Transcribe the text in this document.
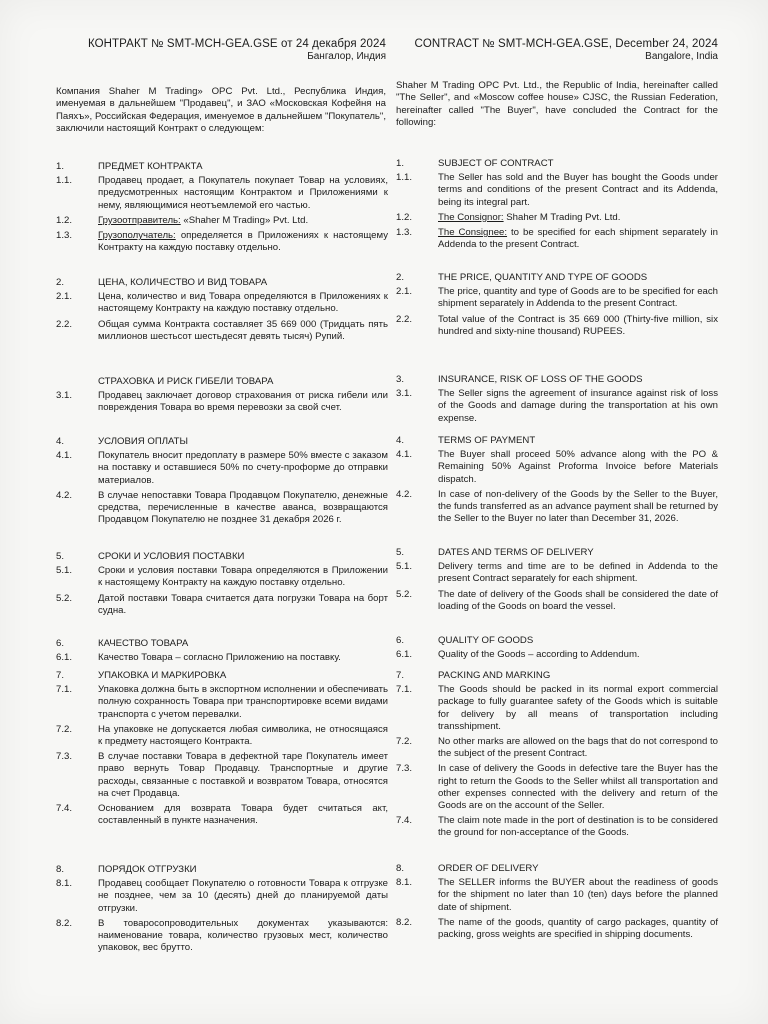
КОНТРАКТ № SMT-MCH-GEA.GSE от 24 декабря 2024
Бангалор, Индия
CONTRACT № SMT-MCH-GEA.GSE, December 24, 2024
Bangalore, India
Компания Shaher M Trading» OPC Pvt. Ltd., Республика Индия, именуемая в дальнейшем "Продавец", и ЗАО «Московская Кофейня на Паяхъ», Российская Федерация, именуемое в дальнейшем "Покупатель", заключили настоящий Контракт о следующем:
Shaher M Trading OPC Pvt. Ltd., the Republic of India, hereinafter called "The Seller", and «Moscow coffee house» CJSC, the Russian Federation, hereinafter called "The Buyer", have concluded the Contract for the following:
1.	ПРЕДМЕТ КОНТРАКТА
1.1.	Продавец продает, а Покупатель покупает Товар на условиях, предусмотренных настоящим Контрактом и Приложениями к нему, являющимися неотъемлемой его частью.
1.2.	Грузоотправитель: «Shaher M Trading» Pvt. Ltd.
1.3.	Грузополучатель: определяется в Приложениях к настоящему Контракту на каждую поставку отдельно.
2.	ЦЕНА, КОЛИЧЕСТВО И ВИД ТОВАРА
2.1.	Цена, количество и вид Товара определяются в Приложениях к настоящему Контракту на каждую поставку отдельно.
2.2.	Общая сумма Контракта составляет 35 669 000 (Тридцать пять миллионов шестьсот шестьдесят девять тысяч) Рупий.
СТРАХОВКА И РИСК ГИБЕЛИ ТОВАРА
3.1.	Продавец заключает договор страхования от риска гибели или повреждения Товара во время перевозки за свой счет.
4.	УСЛОВИЯ ОПЛАТЫ
4.1.	Покупатель вносит предоплату в размере 50% вместе с заказом на поставку и оставшиеся 50% по счету-проформе до отправки материалов.
4.2.	В случае непоставки Товара Продавцом Покупателю, денежные средства, перечисленные в качестве аванса, возвращаются Продавцом Покупателю не позднее 31 декабря 2026 г.
5.	СРОКИ И УСЛОВИЯ ПОСТАВКИ
5.1.	Сроки и условия поставки Товара определяются в Приложении к настоящему Контракту на каждую поставку отдельно.
5.2.	Датой поставки Товара считается дата погрузки Товара на борт судна.
6.	КАЧЕСТВО ТОВАРА
6.1.	Качество Товара – согласно Приложению на поставку.
7.	УПАКОВКА И МАРКИРОВКА
7.1.	Упаковка должна быть в экспортном исполнении и обеспечивать полную сохранность Товара при транспортировке всеми видами транспорта с учетом перевалки.
7.2.	На упаковке не допускается любая символика, не относящаяся к предмету настоящего Контракта.
7.3.	В случае поставки Товара в дефектной таре Покупатель имеет право вернуть Товар Продавцу. Транспортные и другие расходы, связанные с поставкой и возвратом Товара, относятся на счет Продавца.
7.4.	Основанием для возврата Товара будет считаться акт, составленный в пункте назначения.
8.	ПОРЯДОК ОТГРУЗКИ
8.1.	Продавец сообщает Покупателю о готовности Товара к отгрузке не позднее, чем за 10 (десять) дней до планируемой даты отгрузки.
8.2.	В товаросопроводительных документах указываются: наименование товара, количество грузовых мест, количество упаковок, вес брутто.
1.	SUBJECT OF CONTRACT
1.1.	The Seller has sold and the Buyer has bought the Goods under terms and conditions of the present Contract and its Addenda, being its integral part.
1.2.	The Consignor: Shaher M Trading Pvt. Ltd.
1.3.	The Consignee: to be specified for each shipment separately in Addenda to the present Contract.
2.	THE PRICE, QUANTITY AND TYPE OF GOODS
2.1.	The price, quantity and type of Goods are to be specified for each shipment separately in Addenda to the present Contract.
2.2.	Total value of the Contract is 35 669 000 (Thirty-five million, six hundred and sixty-nine thousand) RUPEES.
3.	INSURANCE, RISK OF LOSS OF THE GOODS
3.1.	The Seller signs the agreement of insurance against risk of loss of the Goods and damage during the transportation at his own expense.
4.	TERMS OF PAYMENT
4.1.	The Buyer shall proceed 50% advance along with the PO & Remaining 50% Against Proforma Invoice before Materials dispatch.
4.2.	In case of non-delivery of the Goods by the Seller to the Buyer, the funds transferred as an advance payment shall be returned by the Seller to the Buyer no later than December 31, 2026.
5.	DATES AND TERMS OF DELIVERY
5.1.	Delivery terms and time are to be defined in Addenda to the present Contract separately for each shipment.
5.2.	The date of delivery of the Goods shall be considered the date of loading of the Goods on board the vessel.
6.	QUALITY OF GOODS
6.1.	Quality of the Goods – according to Addendum.
7.	PACKING AND MARKING
7.1.	The Goods should be packed in its normal export commercial package to fully guarantee safety of the Goods which is suitable for delivery by all means of transportation including transshipment.
7.2.	No other marks are allowed on the bags that do not correspond to the subject of the present Contract.
7.3.	In case of delivery the Goods in defective tare the Buyer has the right to return the Goods to the Seller whilst all transportation and other expenses connected with the delivery and return of the Goods are on the account of the Seller.
7.4.	The claim note made in the port of destination is to be considered the ground for non-acceptance of the Goods.
8.	ORDER OF DELIVERY
8.1.	The SELLER informs the BUYER about the readiness of goods for the shipment no later than 10 (ten) days before the planned date of shipment.
8.2.	The name of the goods, quantity of cargo packages, quantity of packing, gross weights are specified in shipping documents.
